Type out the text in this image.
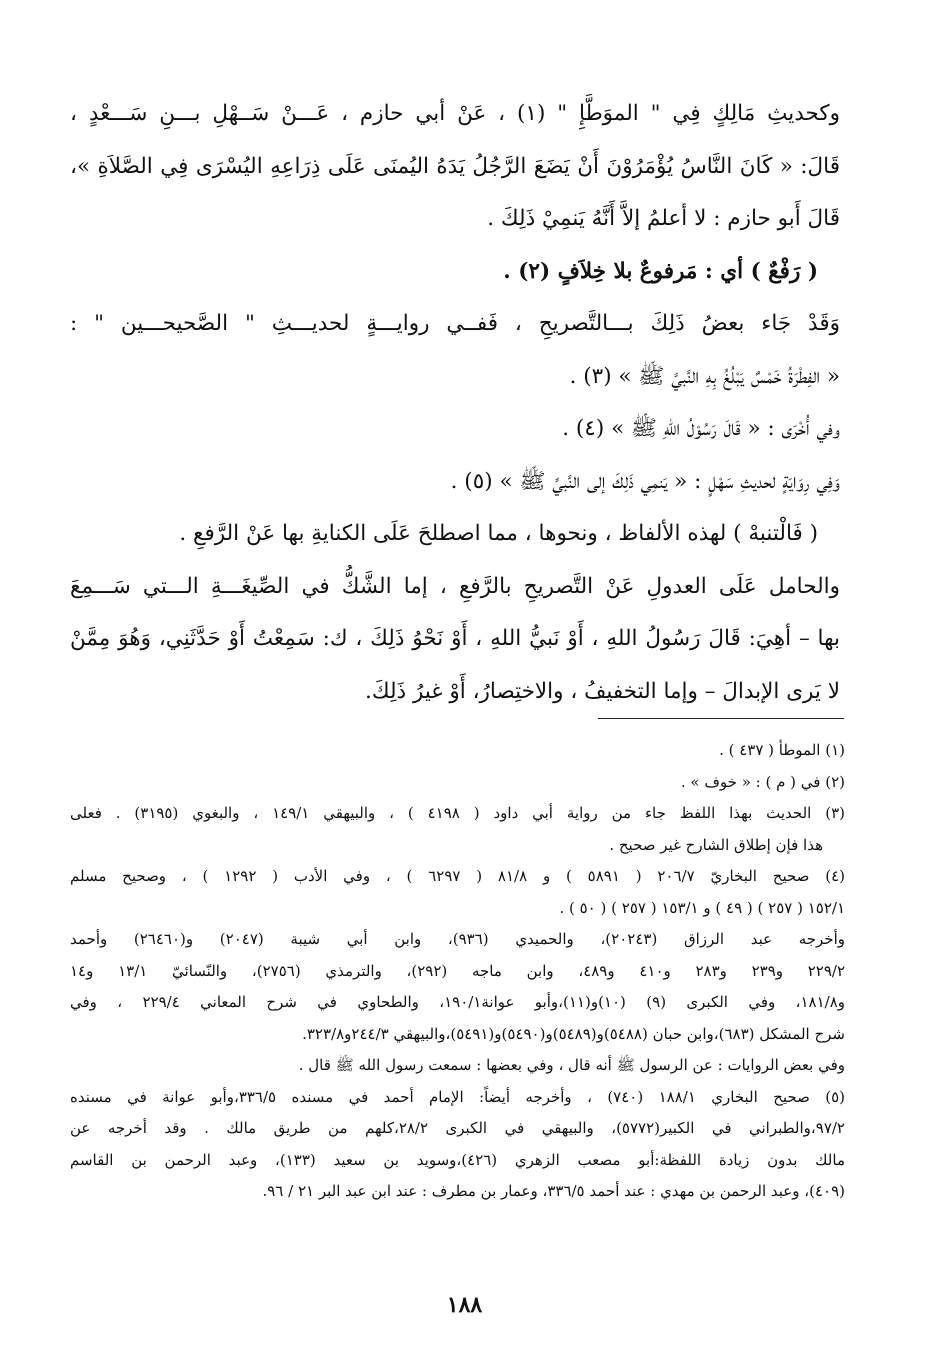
وكحديثِ مَالِكٍ فِي " الموَطَّإِ " (١) ، عَنْ أبي حازم ، عَـــنْ سَــهْلِ بـــنِ سَـــعْدٍ ،
قَالَ: « كَانَ النَّاسُ يُؤْمَرُوْنَ أَنْ يَضَعَ الرَّجُلُ يَدَهُ اليُمنَى عَلَى ذِرَاعِهِ اليُسْرَى فِي الصَّلاَةِ »،
قَالَ أَبو حازم : لا أعلمُ إلاَّ أَنَّهُ يَنمِيْ ذَلِكَ .
( رَفْعٌ ) أي : مَرفوعٌ بلا خِلاَفٍ (٢) .
وَقَدْ جَاء بعضُ ذَلِكَ بـــالتَّصريحِ ، فَفــي روايـــةٍ لحديـــثِ " الصَّحيحـــين " :
« الفِطْرَةُ خَمْسٌ يَبْلُغُ بِهِ النَّبيَّ ﷺ » (٣) .
وفي أُخْرَى : « قَالَ رَسُوْلُ اللهِ ﷺ » (٤) .
وَفِي رِوَايَةٍ لحديثِ سَهْلٍ : « يَنمِي ذَلِكَ إلى النَّبيِّ ﷺ » (٥) .
( فَالْتنبهْ ) لهذه الألفاظ ، ونحوها ، مما اصطلحَ عَلَى الكنايةِ بها عَنْ الرَّفعِ .
والحامل عَلَى العدولِ عَنْ التَّصريحِ بالرَّفعِ ، إما الشَّكُّ في الصِّيغَـــةِ الـــتي سَـــمِعَ
بها – أهِيَ: قَالَ رَسُولُ اللهِ ، أَوْ نَبيُّ اللهِ ، أَوْ نَحْوُ ذَلِكَ ، ك: سَمِعْتُ أَوْ حَدَّثَنِي، وَهُوَ مِمَّنْ
لا يَرى الإبدالَ – وإما التخفيفُ ، والاختِصارُ، أَوْ غيرُ ذَلِكَ.
(١) الموطأ ( ٤٣٧ ) .
(٢) في ( م ) : « خوف » .
(٣) الحديث بهذا اللفظ جاء من رواية أبي داود ( ٤١٩٨ ) ، والبيهقي ١٤٩/١ ، والبغوي (٣١٩٥) . فعلى
هذا فإن إطلاق الشارح غير صحيح .
(٤) صحيح البخاريّ ٢٠٦/٧ ( ٥٨٩١ ) و ٨١/٨ ( ٦٢٩٧ ) ، وفي الأدب ( ١٢٩٢ ) ، وصحيح مسلم
١٥٢/١ ( ٢٥٧ ) ( ٤٩ ) و ١٥٣/١ ( ٢٥٧ ) ( ٥٠ ) .
وأخرجه عبد الرزاق (٢٠٢٤٣)، والحميدي (٩٣٦)، وابن أبي شيبة (٢٠٤٧) و(٢٦٤٦٠) وأحمد
٢٢٩/٢ و٢٣٩ و٢٨٣ و٤١٠ و٤٨٩، وابن ماجه (٢٩٢)، والترمذي (٢٧٥٦)، والنّسائيّ ١٣/١ و١٤
و١٨١/٨، وفي الكبرى (٩) (١٠)و(١١)،وأبو عوانة١٩٠/١، والطحاوي في شرح المعاني ٢٢٩/٤ ، وفي
شرح المشكل (٦٨٣)،وابن حبان (٥٤٨٨)و(٥٤٨٩)و(٥٤٩٠)و(٥٤٩١)،والبيهقي ٢٤٤/٣و٣٢٣/٨.
وفي بعض الروايات : عن الرسول ﷺ أنه قال ، وفي بعضها : سمعت رسول الله ﷺ قال .
(٥) صحيح البخاري ١٨٨/١ (٧٤٠) ، وأخرجه أيضاً: الإمام أحمد في مسنده ٣٣٦/٥،وأبو عوانة في مسنده
٩٧/٢،والطبراني في الكبير(٥٧٧٢)، والبيهقي في الكبرى ٢٨/٢،كلهم من طريق مالك . وقد أخرجه عن
مالك بدون زيادة اللفظة:أبو مصعب الزهري (٤٢٦)،وسويد بن سعيد (١٣٣)، وعبد الرحمن بن القاسم
(٤٠٩)، وعبد الرحمن بن مهدي : عند أحمد ٣٣٦/٥، وعمار بن مطرف : عند ابن عبد البر ٢١ / ٩٦.
١٨٨
